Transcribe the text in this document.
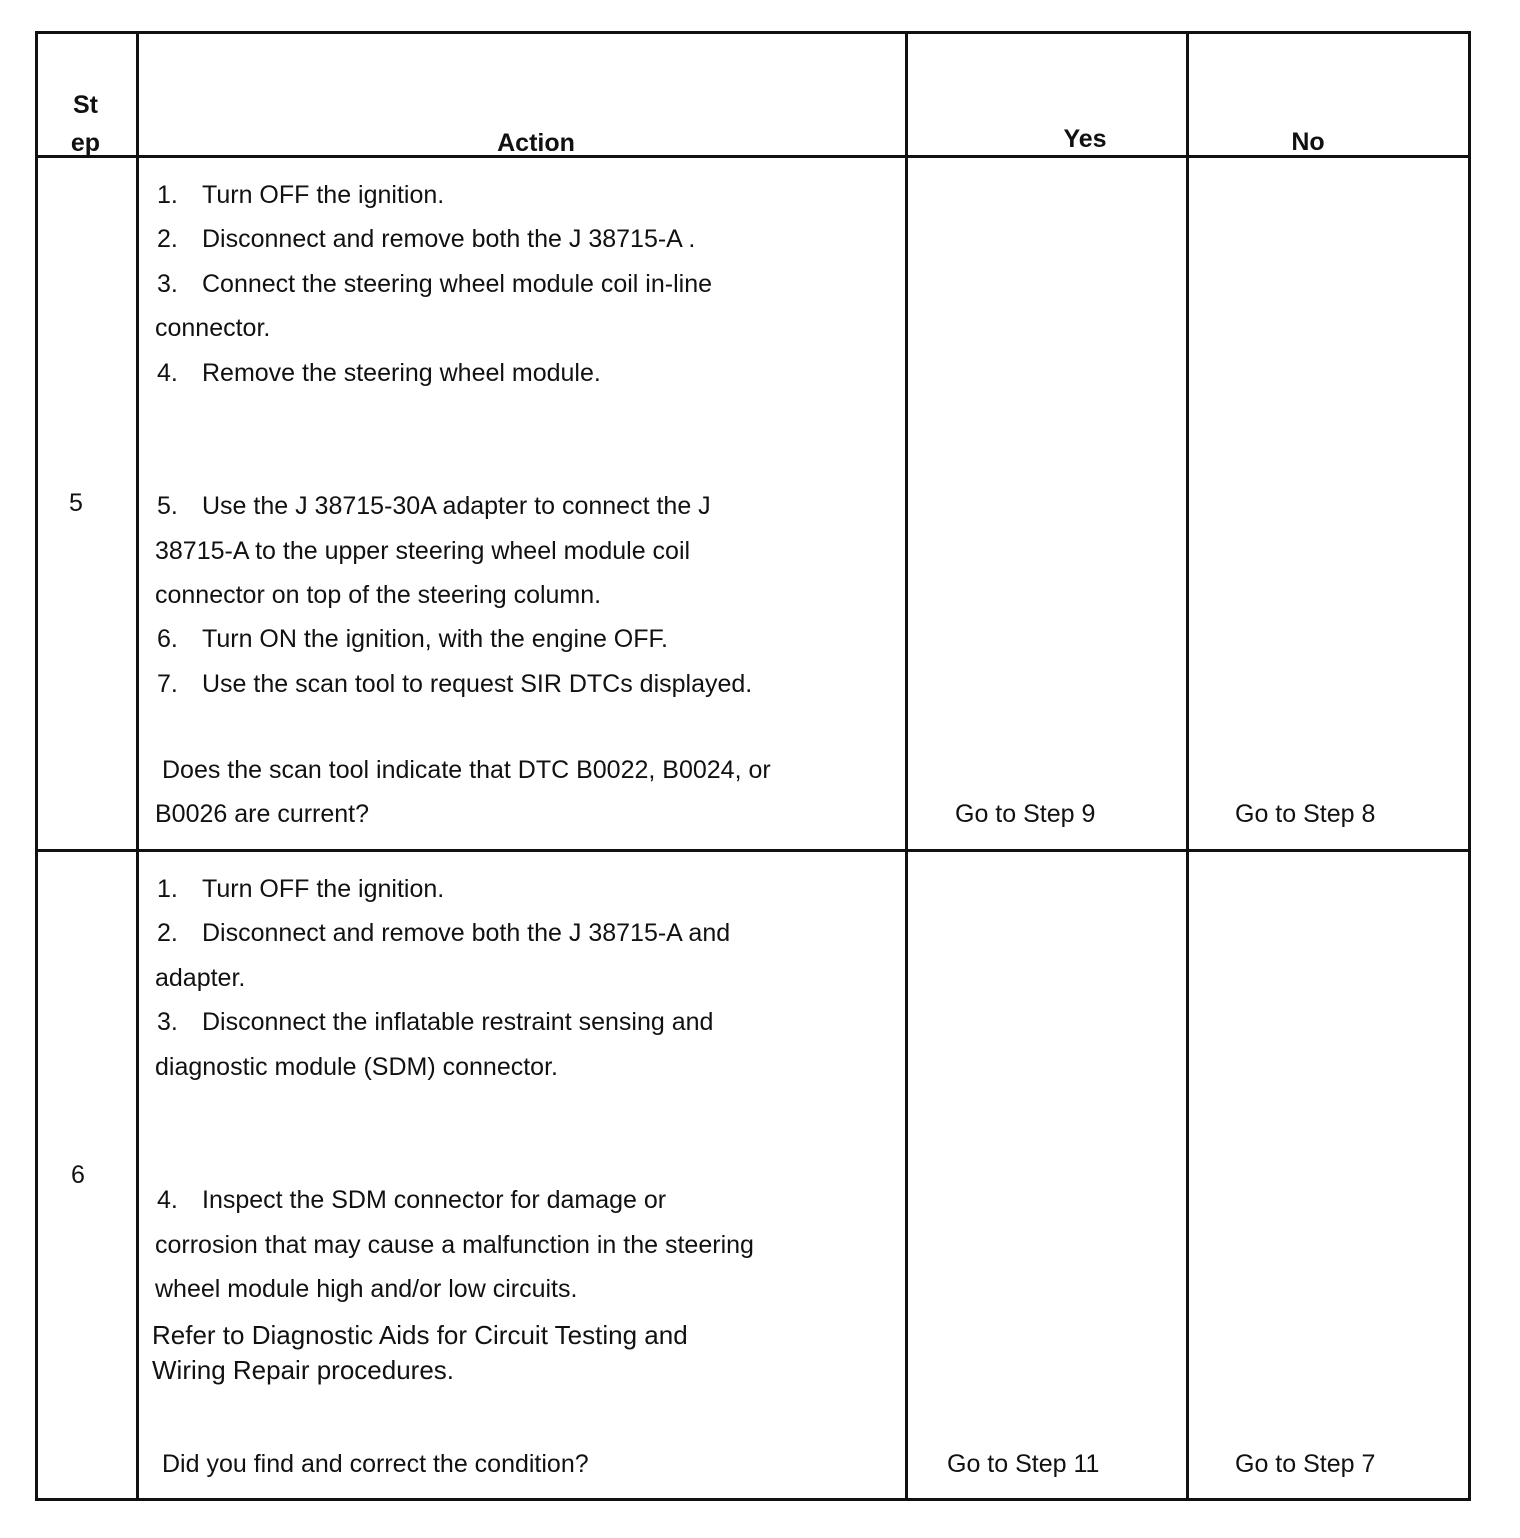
St
ep	Action	Yes	No
5
1. Turn OFF the ignition.
2. Disconnect and remove both the J 38715-A .
3. Connect the steering wheel module coil in-line
connector.
4. Remove the steering wheel module.
5. Use the J 38715-30A adapter to connect the J
38715-A to the upper steering wheel module coil
connector on top of the steering column.
6. Turn ON the ignition, with the engine OFF.
7. Use the scan tool to request SIR DTCs displayed.
Does the scan tool indicate that DTC B0022, B0024, or
B0026 are current?	Go to Step 9	Go to Step 8
6
1. Turn OFF the ignition.
2. Disconnect and remove both the J 38715-A and
adapter.
3. Disconnect the inflatable restraint sensing and
diagnostic module (SDM) connector.
4. Inspect the SDM connector for damage or
corrosion that may cause a malfunction in the steering
wheel module high and/or low circuits.
Refer to Diagnostic Aids for Circuit Testing and
Wiring Repair procedures.
Did you find and correct the condition?	Go to Step 11	Go to Step 7
